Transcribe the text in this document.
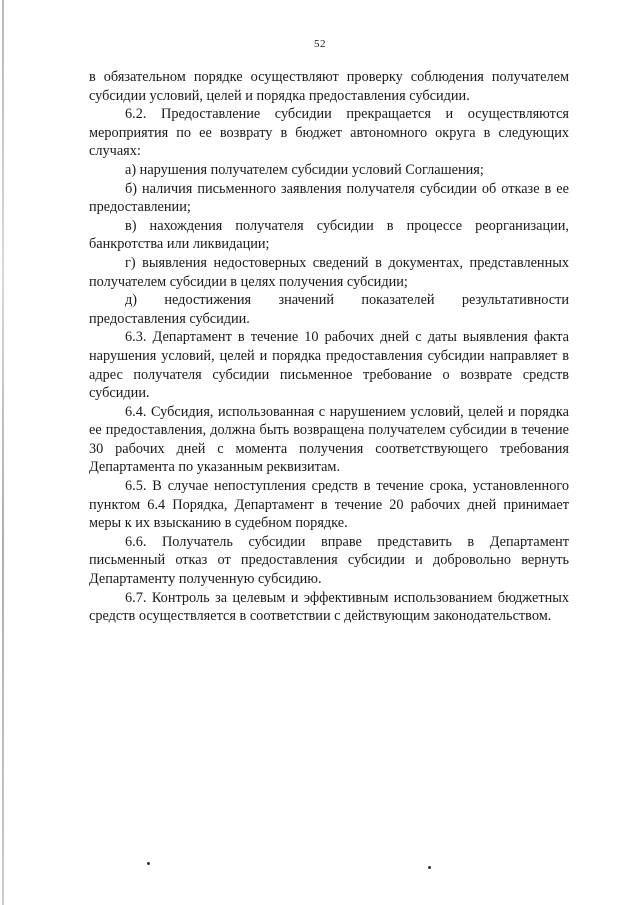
52

в обязательном порядке осуществляют проверку соблюдения получателем субсидии условий, целей и порядка предоставления субсидии.

6.2. Предоставление субсидии прекращается и осуществляются мероприятия по ее возврату в бюджет автономного округа в следующих случаях:

а) нарушения получателем субсидии условий Соглашения;

б) наличия письменного заявления получателя субсидии об отказе в ее предоставлении;

в) нахождения получателя субсидии в процессе реорганизации, банкротства или ликвидации;

г) выявления недостоверных сведений в документах, представленных получателем субсидии в целях получения субсидии;

д) недостижения значений показателей результативности предоставления субсидии.

6.3. Департамент в течение 10 рабочих дней с даты выявления факта нарушения условий, целей и порядка предоставления субсидии направляет в адрес получателя субсидии письменное требование о возврате средств субсидии.

6.4. Субсидия, использованная с нарушением условий, целей и порядка ее предоставления, должна быть возвращена получателем субсидии в течение 30 рабочих дней с момента получения соответствующего требования Департамента по указанным реквизитам.

6.5. В случае непоступления средств в течение срока, установленного пунктом 6.4 Порядка, Департамент в течение 20 рабочих дней принимает меры к их взысканию в судебном порядке.

6.6. Получатель субсидии вправе представить в Департамент письменный отказ от предоставления субсидии и добровольно вернуть Департаменту полученную субсидию.

6.7. Контроль за целевым и эффективным использованием бюджетных средств осуществляется в соответствии с действующим законодательством.
